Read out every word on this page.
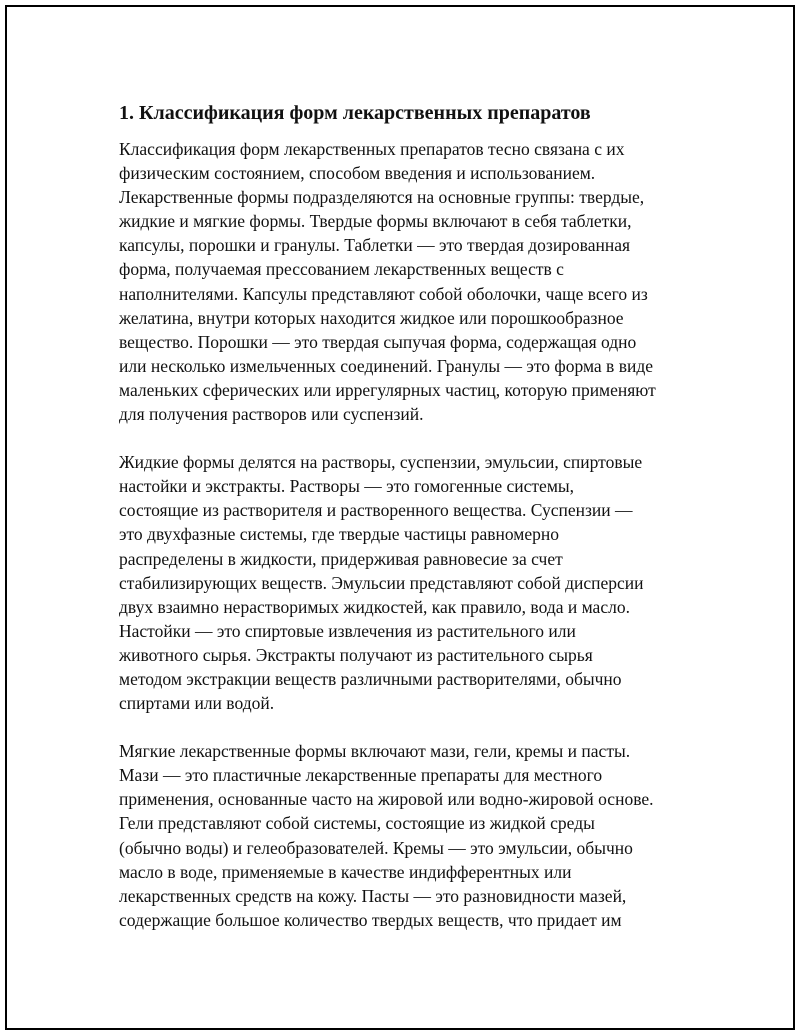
1. Классификация форм лекарственных препаратов

Классификация форм лекарственных препаратов тесно связана с их
физическим состоянием, способом введения и использованием.
Лекарственные формы подразделяются на основные группы: твердые,
жидкие и мягкие формы. Твердые формы включают в себя таблетки,
капсулы, порошки и гранулы. Таблетки — это твердая дозированная
форма, получаемая прессованием лекарственных веществ с
наполнителями. Капсулы представляют собой оболочки, чаще всего из
желатина, внутри которых находится жидкое или порошкообразное
вещество. Порошки — это твердая сыпучая форма, содержащая одно
или несколько измельченных соединений. Гранулы — это форма в виде
маленьких сферических или иррегулярных частиц, которую применяют
для получения растворов или суспензий.

Жидкие формы делятся на растворы, суспензии, эмульсии, спиртовые
настойки и экстракты. Растворы — это гомогенные системы,
состоящие из растворителя и растворенного вещества. Суспензии —
это двухфазные системы, где твердые частицы равномерно
распределены в жидкости, придерживая равновесие за счет
стабилизирующих веществ. Эмульсии представляют собой дисперсии
двух взаимно нерастворимых жидкостей, как правило, вода и масло.
Настойки — это спиртовые извлечения из растительного или
животного сырья. Экстракты получают из растительного сырья
методом экстракции веществ различными растворителями, обычно
спиртами или водой.

Мягкие лекарственные формы включают мази, гели, кремы и пасты.
Мази — это пластичные лекарственные препараты для местного
применения, основанные часто на жировой или водно-жировой основе.
Гели представляют собой системы, состоящие из жидкой среды
(обычно воды) и гелеобразователей. Кремы — это эмульсии, обычно
масло в воде, применяемые в качестве индифферентных или
лекарственных средств на кожу. Пасты — это разновидности мазей,
содержащие большое количество твердых веществ, что придает им
